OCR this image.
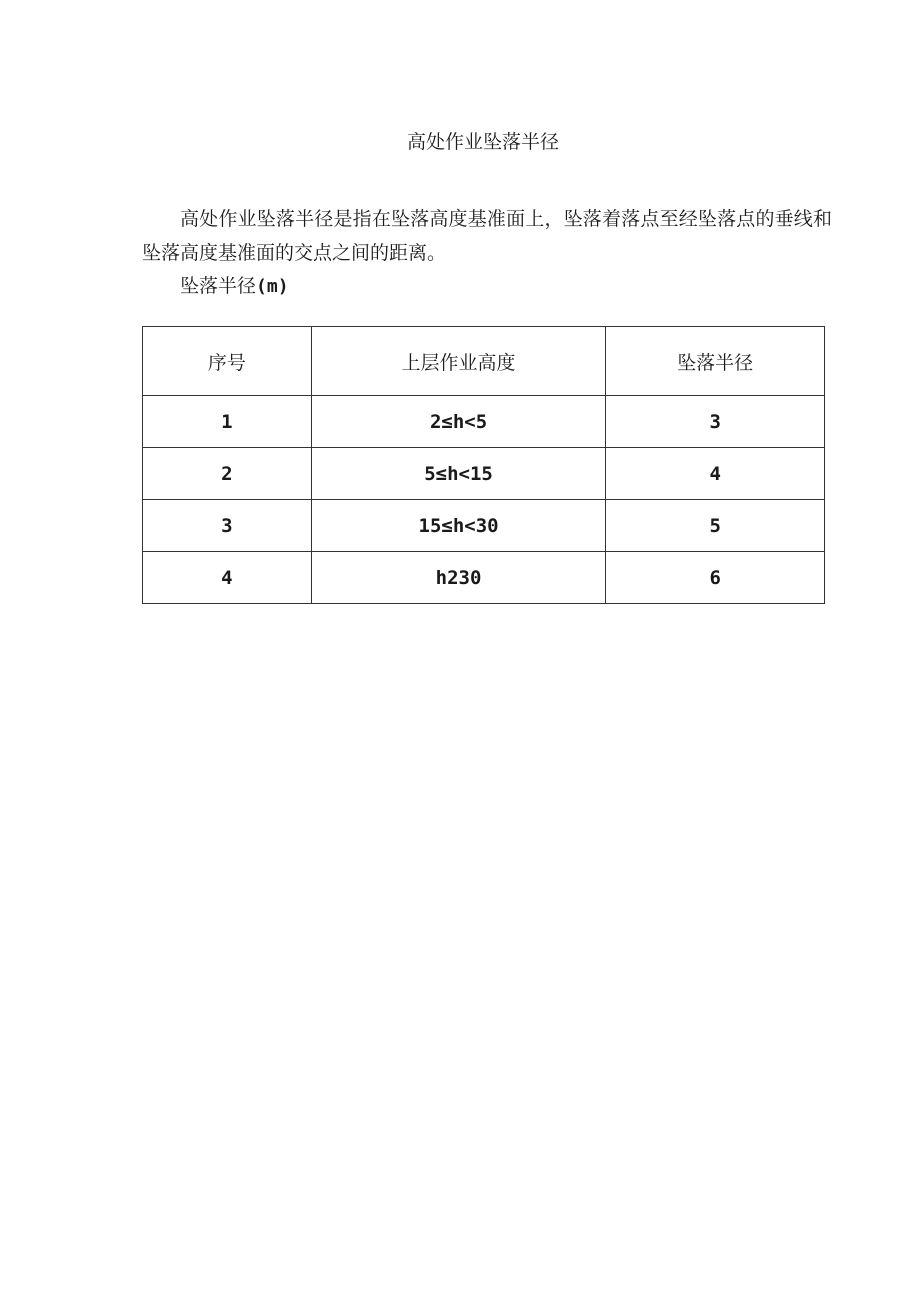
高处作业坠落半径

高处作业坠落半径是指在坠落高度基准面上，坠落着落点至经坠落点的垂线和坠落高度基准面的交点之间的距离。

坠落半径(m)
序号	上层作业高度	坠落半径
1	2≤h<5	3
2	5≤h<15	4
3	15≤h<30	5
4	h230	6
